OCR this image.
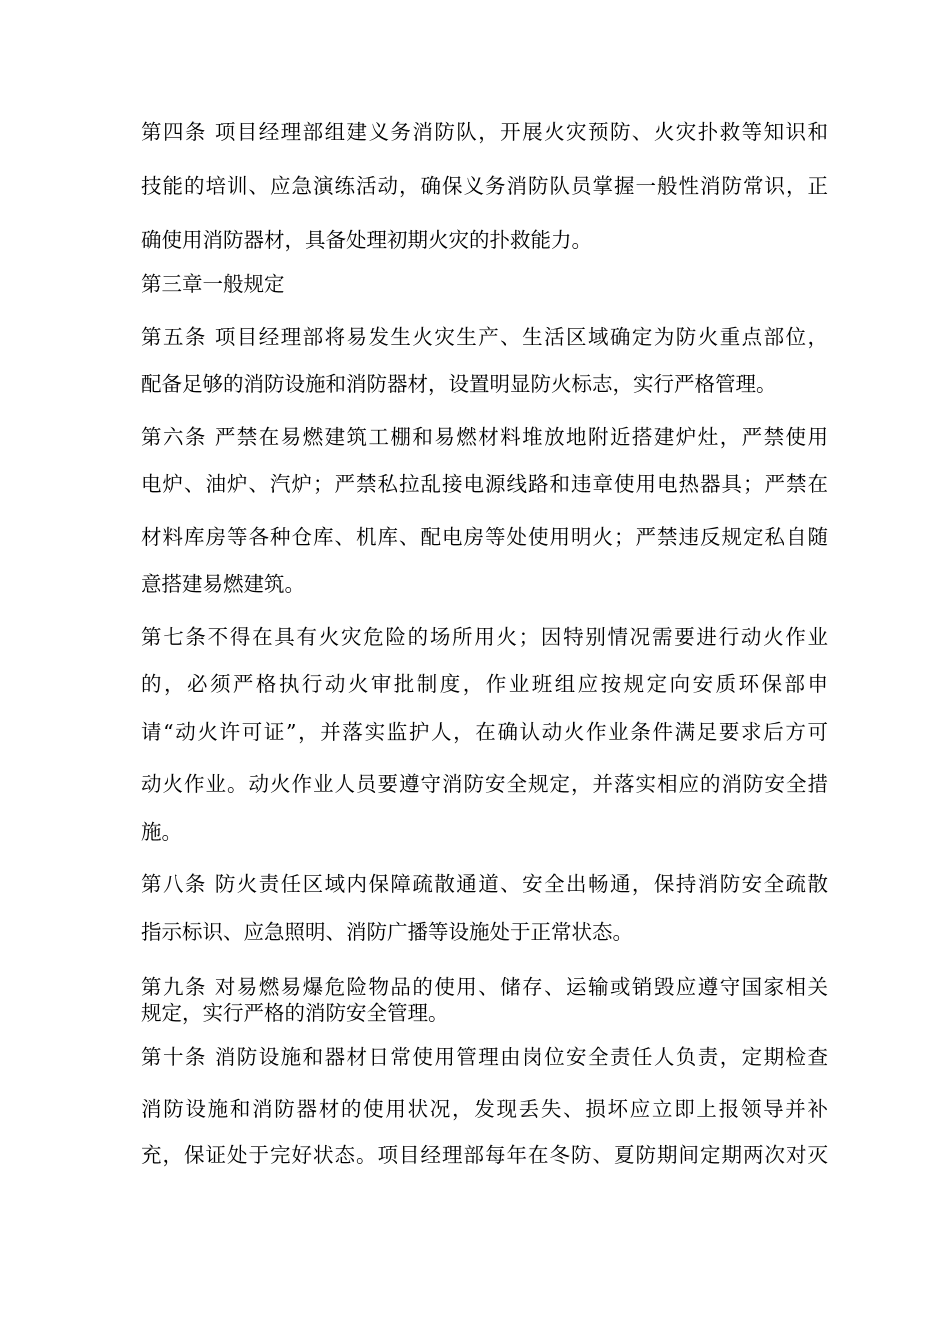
第四条 项目经理部组建义务消防队，开展火灾预防、火灾扑救等知识和
技能的培训、应急演练活动，确保义务消防队员掌握一般性消防常识，正
确使用消防器材，具备处理初期火灾的扑救能力。
第三章一般规定
第五条 项目经理部将易发生火灾生产、生活区域确定为防火重点部位，
配备足够的消防设施和消防器材，设置明显防火标志，实行严格管理。
第六条 严禁在易燃建筑工棚和易燃材料堆放地附近搭建炉灶，严禁使用
电炉、油炉、汽炉；严禁私拉乱接电源线路和违章使用电热器具；严禁在
材料库房等各种仓库、机库、配电房等处使用明火；严禁违反规定私自随
意搭建易燃建筑。
第七条不得在具有火灾危险的场所用火；因特别情况需要进行动火作业
的，必须严格执行动火审批制度，作业班组应按规定向安质环保部申
请“动火许可证”，并落实监护人，在确认动火作业条件满足要求后方可
动火作业。动火作业人员要遵守消防安全规定，并落实相应的消防安全措
施。
第八条 防火责任区域内保障疏散通道、安全出畅通，保持消防安全疏散
指示标识、应急照明、消防广播等设施处于正常状态。
第九条 对易燃易爆危险物品的使用、储存、运输或销毁应遵守国家相关
规定，实行严格的消防安全管理。
第十条 消防设施和器材日常使用管理由岗位安全责任人负责，定期检查
消防设施和消防器材的使用状况，发现丢失、损坏应立即上报领导并补
充，保证处于完好状态。项目经理部每年在冬防、夏防期间定期两次对灭
